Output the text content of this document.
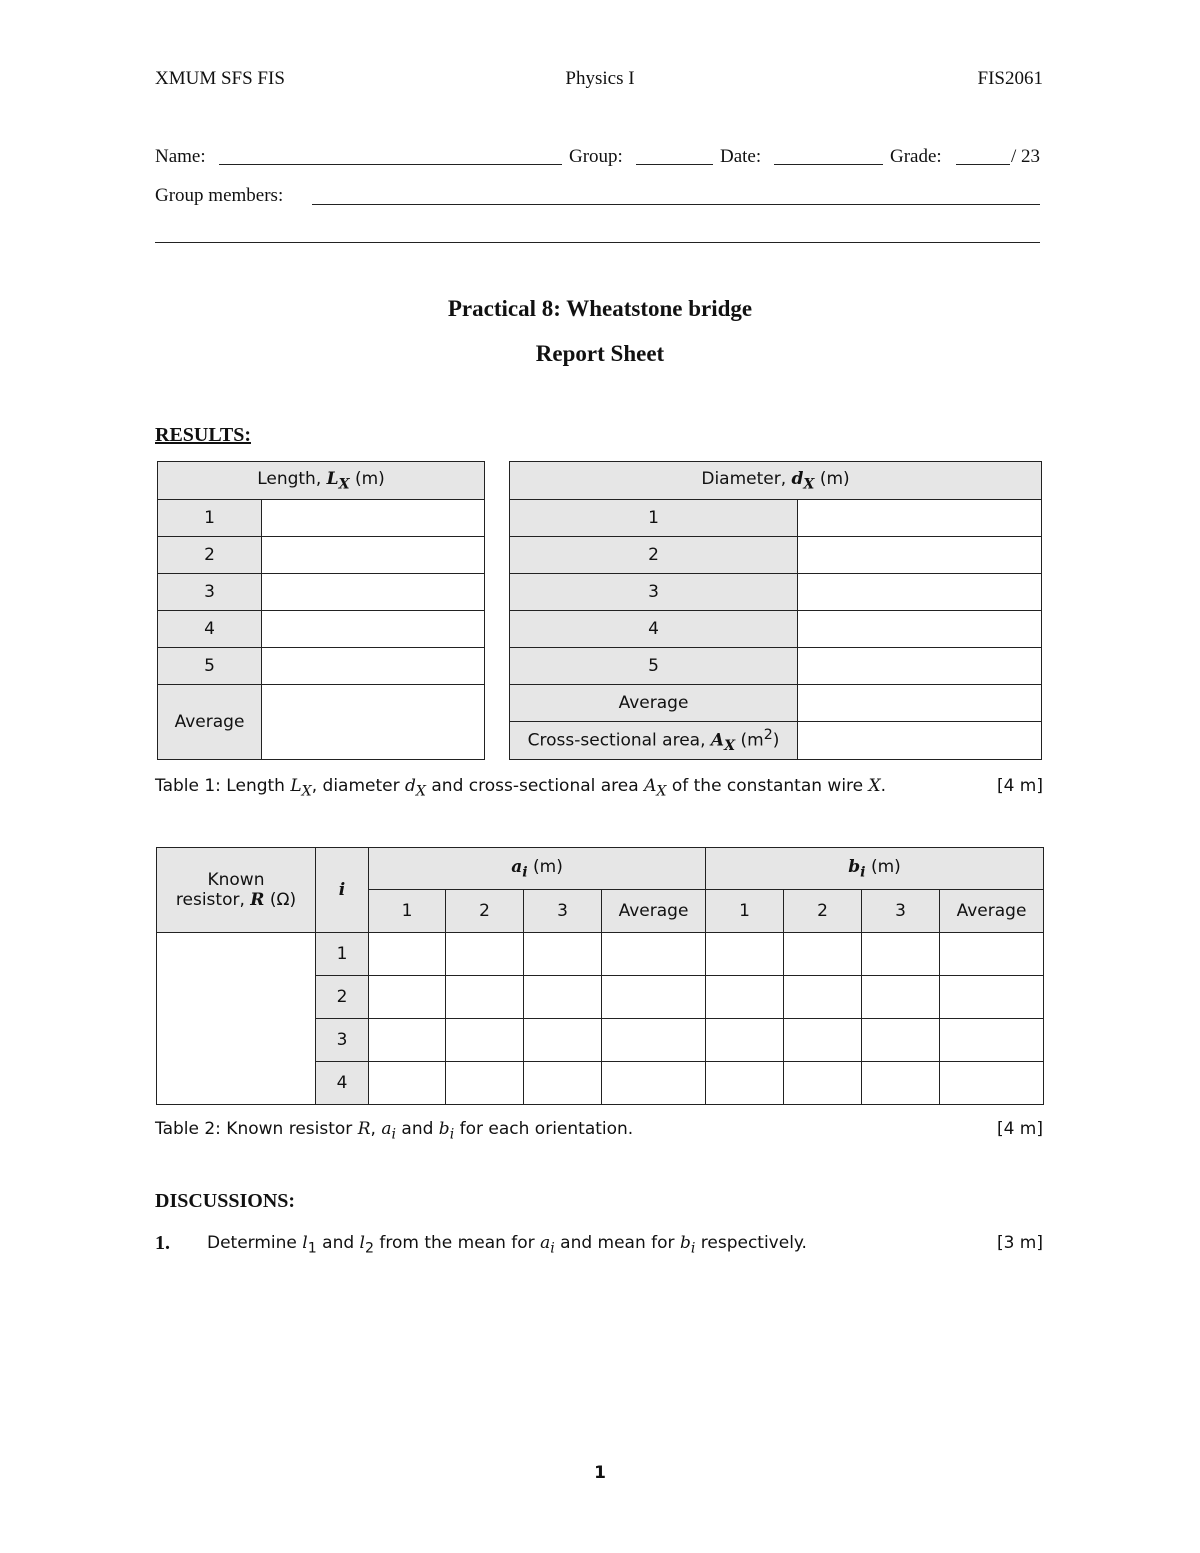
XMUM SFS FIS	Physics I	FIS2061
Name:	Group:	Date:	Grade:	/ 23
Group members:
Practical 8: Wheatstone bridge
Report Sheet
RESULTS:
Length, $L_X$ (m)	
1	
2	
3	
4	
5	
Average	
Diameter, $d_X$ (m)	
1	
2	
3	
4	
5	
Average	
Cross-sectional area, $A_X$ $(m^2)$	
Table 1: Length $L_X$, diameter $d_X$ and cross-sectional area $A_X$ of the constantan wire X.	[4 m]
Known
resistor, R (Ω)	i	$a_i$ (m)				$b_i$ (m)			
		1	2	3	Average	1	2	3	Average
	1								
	2								
	3								
	4								
Table 2: Known resistor R, $a_i$ and $b_i$ for each orientation.	[4 m]
DISCUSSIONS:
1. Determine $l_1$ and $l_2$ from the mean for $a_i$ and mean for $b_i$ respectively.	[3 m]
1
